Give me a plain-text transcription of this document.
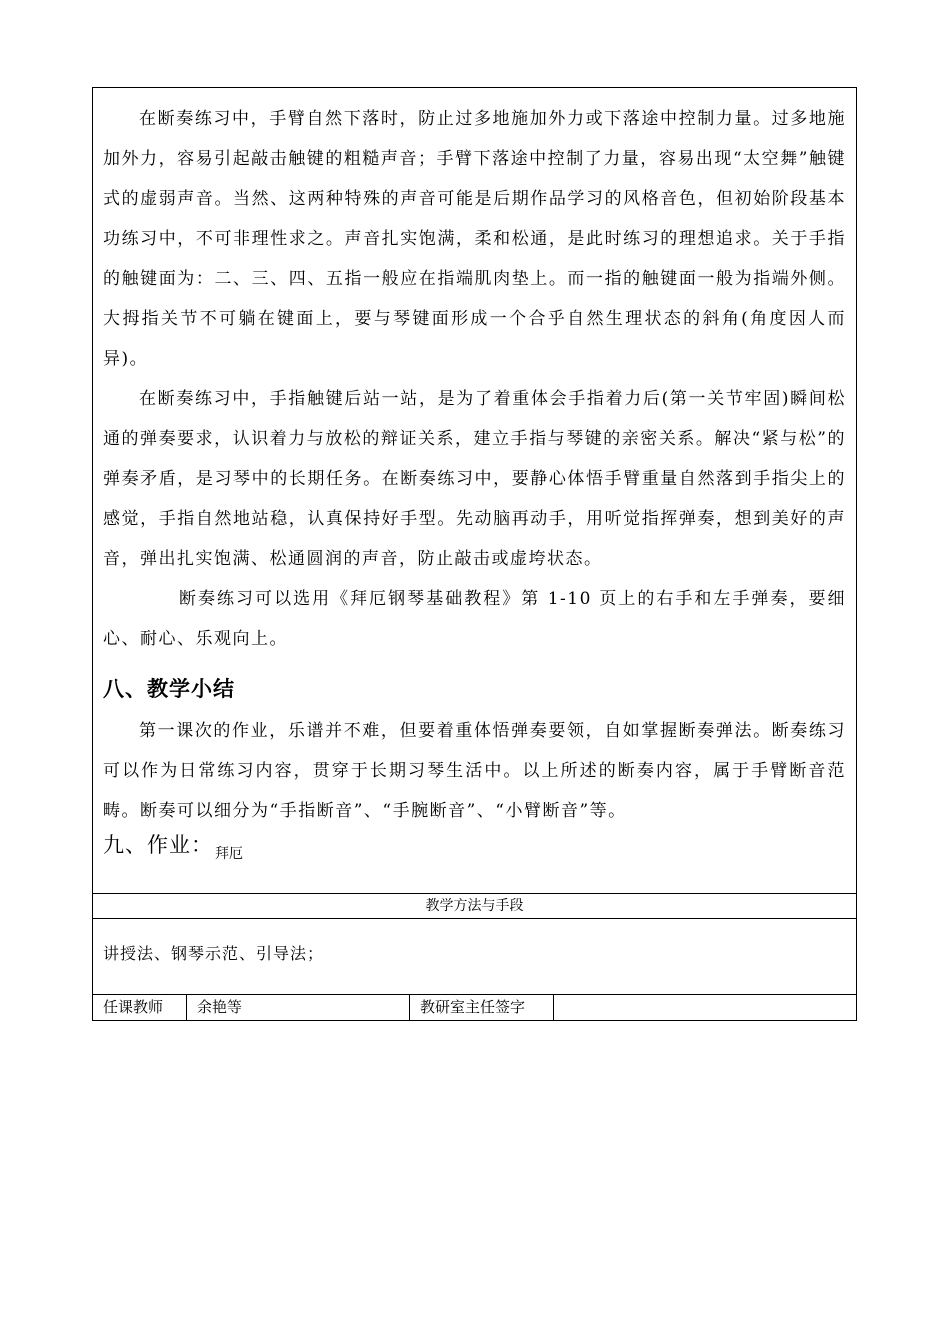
在断奏练习中，手臂自然下落时，防止过多地施加外力或下落途中控制力量。过多地施加外力，容易引起敲击触键的粗糙声音；手臂下落途中控制了力量，容易出现“太空舞”触键式的虚弱声音。当然、这两种特殊的声音可能是后期作品学习的风格音色，但初始阶段基本功练习中，不可非理性求之。声音扎实饱满，柔和松通，是此时练习的理想追求。关于手指的触键面为：二、三、四、五指一般应在指端肌肉垫上。而一指的触键面一般为指端外侧。大拇指关节不可躺在键面上，要与琴键面形成一个合乎自然生理状态的斜角(角度因人而异)。

在断奏练习中，手指触键后站一站，是为了着重体会手指着力后(第一关节牢固)瞬间松通的弹奏要求，认识着力与放松的辩证关系，建立手指与琴键的亲密关系。解决“紧与松”的弹奏矛盾，是习琴中的长期任务。在断奏练习中，要静心体悟手臂重量自然落到手指尖上的感觉，手指自然地站稳，认真保持好手型。先动脑再动手，用听觉指挥弹奏，想到美好的声音，弹出扎实饱满、松通圆润的声音，防止敲击或虚垮状态。

断奏练习可以选用《拜厄钢琴基础教程》第 1-10 页上的右手和左手弹奏，要细心、耐心、乐观向上。

八、教学小结

第一课次的作业，乐谱并不难，但要着重体悟弹奏要领，自如掌握断奏弹法。断奏练习可以作为日常练习内容，贯穿于长期习琴生活中。以上所述的断奏内容，属于手臂断音范畴。断奏可以细分为“手指断音”、“手腕断音”、“小臂断音”等。

九、作业： 拜厄

教学方法与手段
讲授法、钢琴示范、引导法；
任课教师	余艳等	教研室主任签字
